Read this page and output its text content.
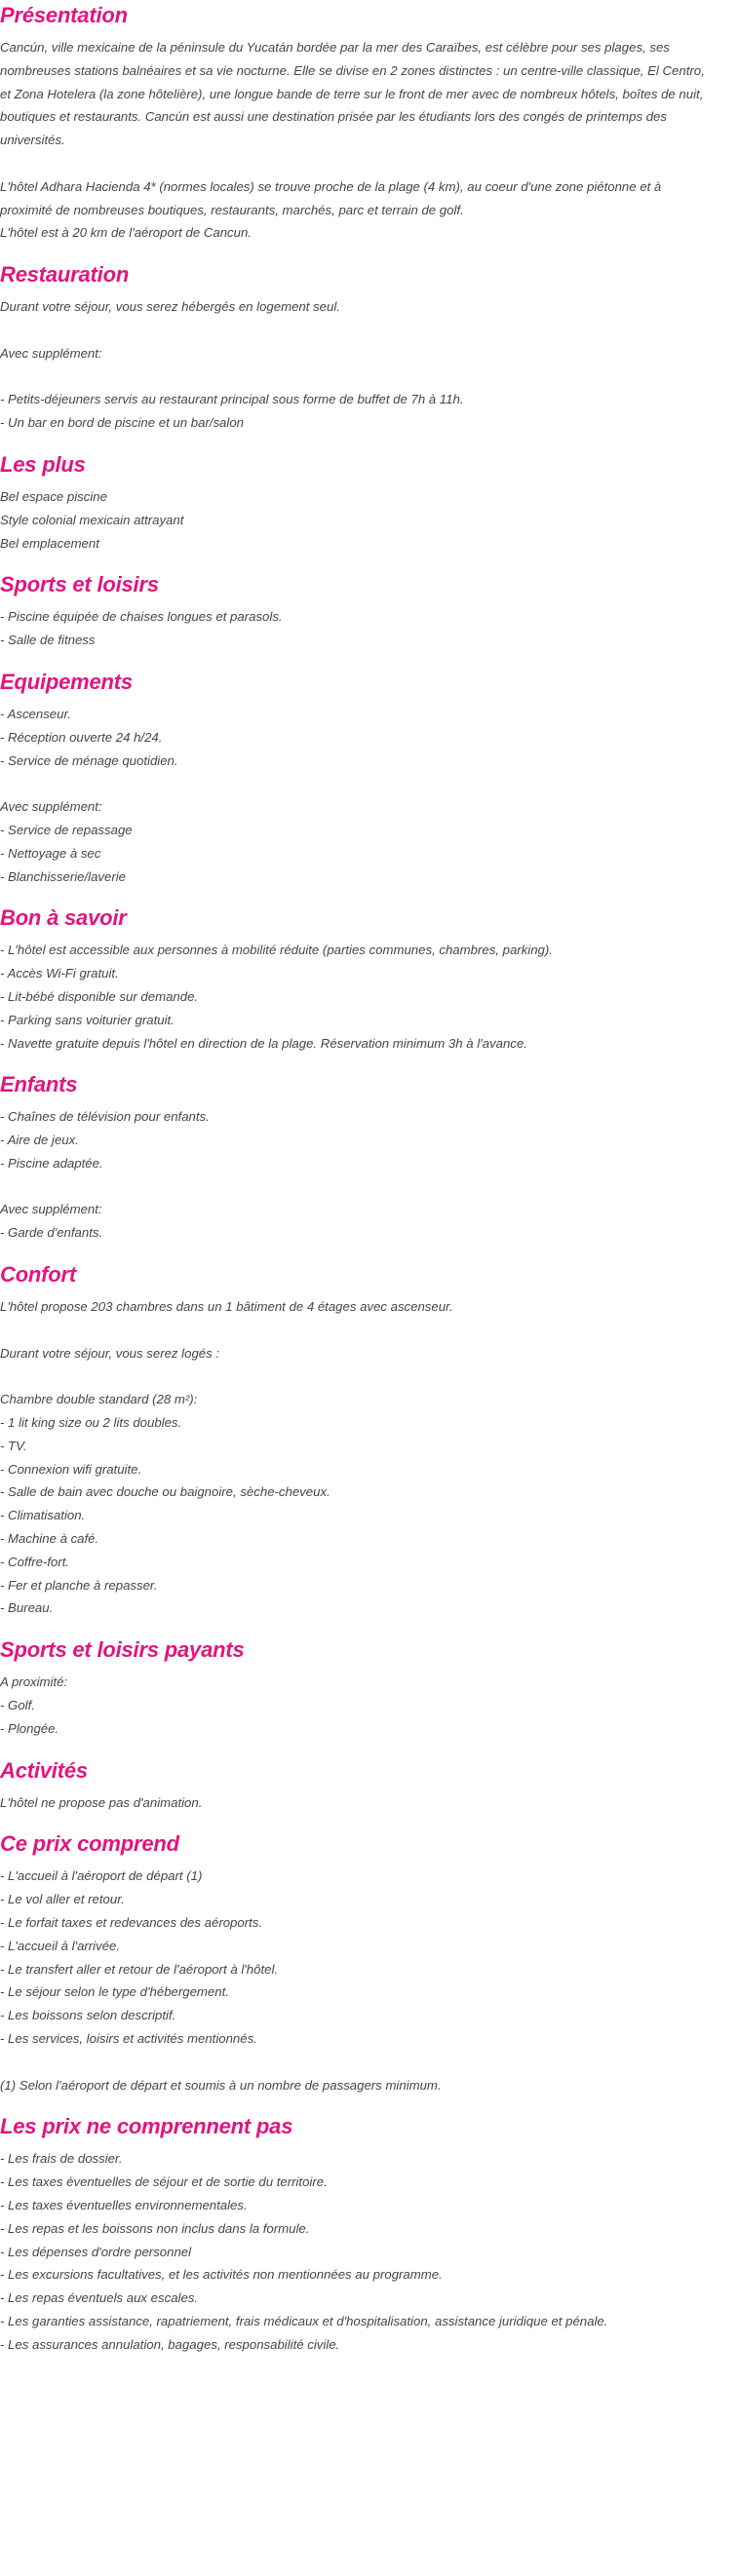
Présentation
Cancún, ville mexicaine de la péninsule du Yucatán bordée par la mer des Caraïbes, est célèbre pour ses plages, ses nombreuses stations balnéaires et sa vie nocturne. Elle se divise en 2 zones distinctes : un centre-ville classique, El Centro, et Zona Hotelera (la zone hôtelière), une longue bande de terre sur le front de mer avec de nombreux hôtels, boîtes de nuit, boutiques et restaurants. Cancún est aussi une destination prisée par les étudiants lors des congés de printemps des universités.
L'hôtel Adhara Hacienda 4* (normes locales) se trouve proche de la plage (4 km), au coeur d'une zone piétonne et à proximité de nombreuses boutiques, restaurants, marchés, parc et terrain de golf.
L'hôtel est à 20 km de l'aéroport de Cancun.
Restauration
Durant votre séjour, vous serez hébergés en logement seul.
Avec supplément:
- Petits-déjeuners servis au restaurant principal sous forme de buffet de 7h à 11h.
- Un bar en bord de piscine et un bar/salon
Les plus
Bel espace piscine
Style colonial mexicain attrayant
Bel emplacement
Sports et loisirs
- Piscine équipée de chaises longues et parasols.
- Salle de fitness
Equipements
- Ascenseur.
- Réception ouverte 24 h/24.
- Service de ménage quotidien.
Avec supplément:
- Service de repassage
- Nettoyage à sec
- Blanchisserie/laverie
Bon à savoir
- L'hôtel est accessible aux personnes à mobilité réduite (parties communes, chambres, parking).
- Accès Wi-Fi gratuit.
- Lit-bébé disponible sur demande.
- Parking sans voiturier gratuit.
- Navette gratuite depuis l'hôtel en direction de la plage. Réservation minimum 3h à l'avance.
Enfants
- Chaînes de télévision pour enfants.
- Aire de jeux.
- Piscine adaptée.
Avec supplément:
- Garde d'enfants.
Confort
L'hôtel propose 203 chambres dans un 1 bâtiment de 4 étages avec ascenseur.
Durant votre séjour, vous serez logés :
Chambre double standard (28 m²):
- 1 lit king size ou 2 lits doubles.
- TV.
- Connexion wifi gratuite.
- Salle de bain avec douche ou baignoire, sèche-cheveux.
- Climatisation.
- Machine à café.
- Coffre-fort.
- Fer et planche à repasser.
- Bureau.
Sports et loisirs payants
A proximité:
- Golf.
- Plongée.
Activités
L'hôtel ne propose pas d'animation.
Ce prix comprend
- L'accueil à l'aéroport de départ (1)
- Le vol aller et retour.
- Le forfait taxes et redevances des aéroports.
- L'accueil à l'arrivée.
- Le transfert aller et retour de l'aéroport à l'hôtel.
- Le séjour selon le type d'hébergement.
- Les boissons selon descriptif.
- Les services, loisirs et activités mentionnés.
(1) Selon l'aéroport de départ et soumis à un nombre de passagers minimum.
Les prix ne comprennent pas
- Les frais de dossier.
- Les taxes éventuelles de séjour et de sortie du territoire.
- Les taxes éventuelles environnementales.
- Les repas et les boissons non inclus dans la formule.
- Les dépenses d'ordre personnel
- Les excursions facultatives, et les activités non mentionnées au programme.
- Les repas éventuels aux escales.
- Les garanties assistance, rapatriement, frais médicaux et d'hospitalisation, assistance juridique et pénale.
- Les assurances annulation, bagages, responsabilité civile.
